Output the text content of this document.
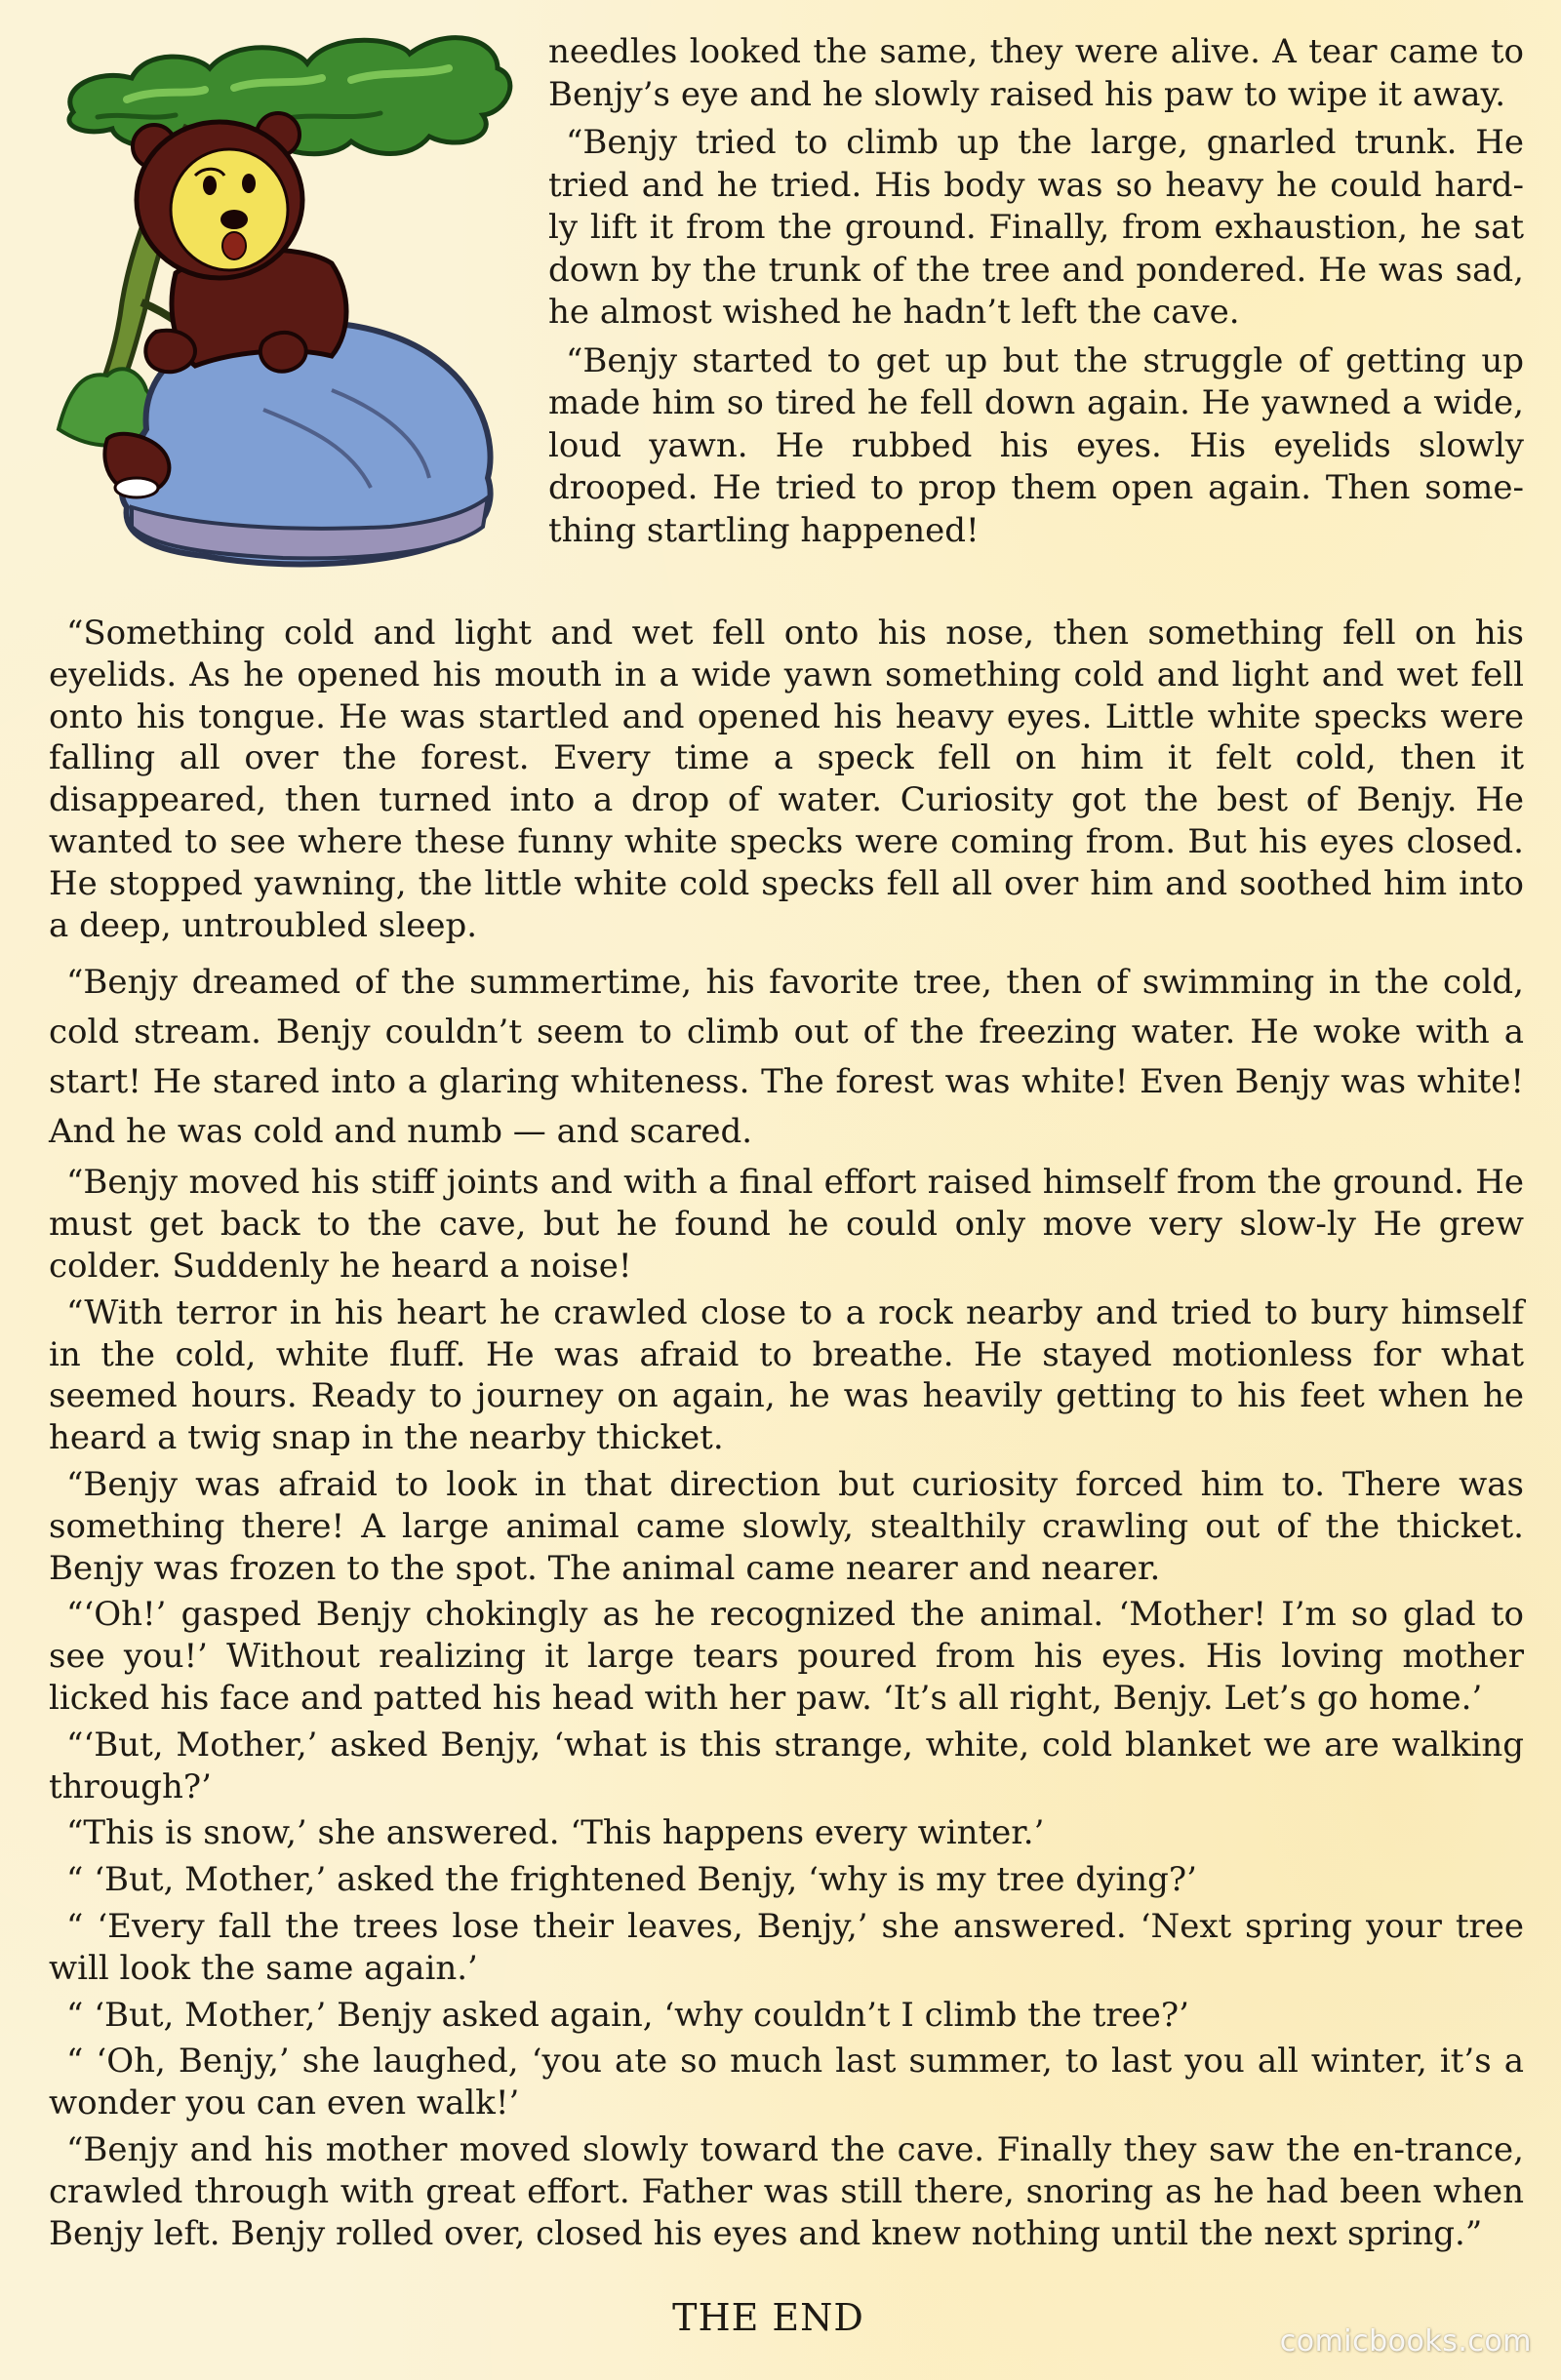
needles looked the same, they were alive. A tear came to Benjy’s eye and he slowly raised his paw to wipe it away.

“Benjy tried to climb up the large, gnarled trunk. He tried and he tried. His body was so heavy he could hard-ly lift it from the ground. Finally, from exhaustion, he sat down by the trunk of the tree and pondered. He was sad, he almost wished he hadn’t left the cave.

“Benjy started to get up but the struggle of getting up made him so tired he fell down again. He yawned a wide, loud yawn. He rubbed his eyes. His eyelids slowly drooped. He tried to prop them open again. Then some-thing startling happened!

“Something cold and light and wet fell onto his nose, then something fell on his eyelids. As he opened his mouth in a wide yawn something cold and light and wet fell onto his tongue. He was startled and opened his heavy eyes. Little white specks were falling all over the forest. Every time a speck fell on him it felt cold, then it disappeared, then turned into a drop of water. Curiosity got the best of Benjy. He wanted to see where these funny white specks were coming from. But his eyes closed. He stopped yawning, the little white cold specks fell all over him and soothed him into a deep, untroubled sleep.

“Benjy dreamed of the summertime, his favorite tree, then of swimming in the cold, cold stream. Benjy couldn’t seem to climb out of the freezing water. He woke with a start! He stared into a glaring whiteness. The forest was white! Even Benjy was white! And he was cold and numb — and scared.

“Benjy moved his stiff joints and with a final effort raised himself from the ground. He must get back to the cave, but he found he could only move very slow-ly He grew colder. Suddenly he heard a noise!

“With terror in his heart he crawled close to a rock nearby and tried to bury himself in the cold, white fluff. He was afraid to breathe. He stayed motionless for what seemed hours. Ready to journey on again, he was heavily getting to his feet when he heard a twig snap in the nearby thicket.

“Benjy was afraid to look in that direction but curiosity forced him to. There was something there! A large animal came slowly, stealthily crawling out of the thicket. Benjy was frozen to the spot. The animal came nearer and nearer.

“‘Oh!’ gasped Benjy chokingly as he recognized the animal. ‘Mother! I’m so glad to see you!’ Without realizing it large tears poured from his eyes. His loving mother licked his face and patted his head with her paw. ‘It’s all right, Benjy. Let’s go home.’

“‘But, Mother,’ asked Benjy, ‘what is this strange, white, cold blanket we are walking through?’

“This is snow,’ she answered. ‘This happens every winter.’

“ ‘But, Mother,’ asked the frightened Benjy, ‘why is my tree dying?’

“ ‘Every fall the trees lose their leaves, Benjy,’ she answered. ‘Next spring your tree will look the same again.’

“ ‘But, Mother,’ Benjy asked again, ‘why couldn’t I climb the tree?’

“ ‘Oh, Benjy,’ she laughed, ‘you ate so much last summer, to last you all winter, it’s a wonder you can even walk!’

“Benjy and his mother moved slowly toward the cave. Finally they saw the en-trance, crawled through with great effort. Father was still there, snoring as he had been when Benjy left. Benjy rolled over, closed his eyes and knew nothing until the next spring.”

THE END
comicbooks.com
